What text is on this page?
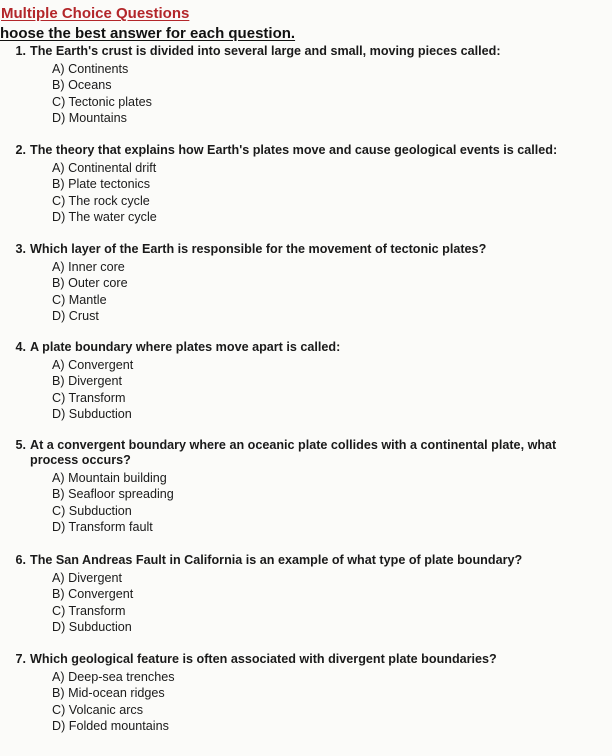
Multiple Choice Questions
hoose the best answer for each question.
1. The Earth's crust is divided into several large and small, moving pieces called:
A) Continents
B) Oceans
C) Tectonic plates
D) Mountains
2. The theory that explains how Earth's plates move and cause geological events is called:
A) Continental drift
B) Plate tectonics
C) The rock cycle
D) The water cycle
3. Which layer of the Earth is responsible for the movement of tectonic plates?
A) Inner core
B) Outer core
C) Mantle
D) Crust
4. A plate boundary where plates move apart is called:
A) Convergent
B) Divergent
C) Transform
D) Subduction
5. At a convergent boundary where an oceanic plate collides with a continental plate, what process occurs?
A) Mountain building
B) Seafloor spreading
C) Subduction
D) Transform fault
6. The San Andreas Fault in California is an example of what type of plate boundary?
A) Divergent
B) Convergent
C) Transform
D) Subduction
7. Which geological feature is often associated with divergent plate boundaries?
A) Deep-sea trenches
B) Mid-ocean ridges
C) Volcanic arcs
D) Folded mountains
